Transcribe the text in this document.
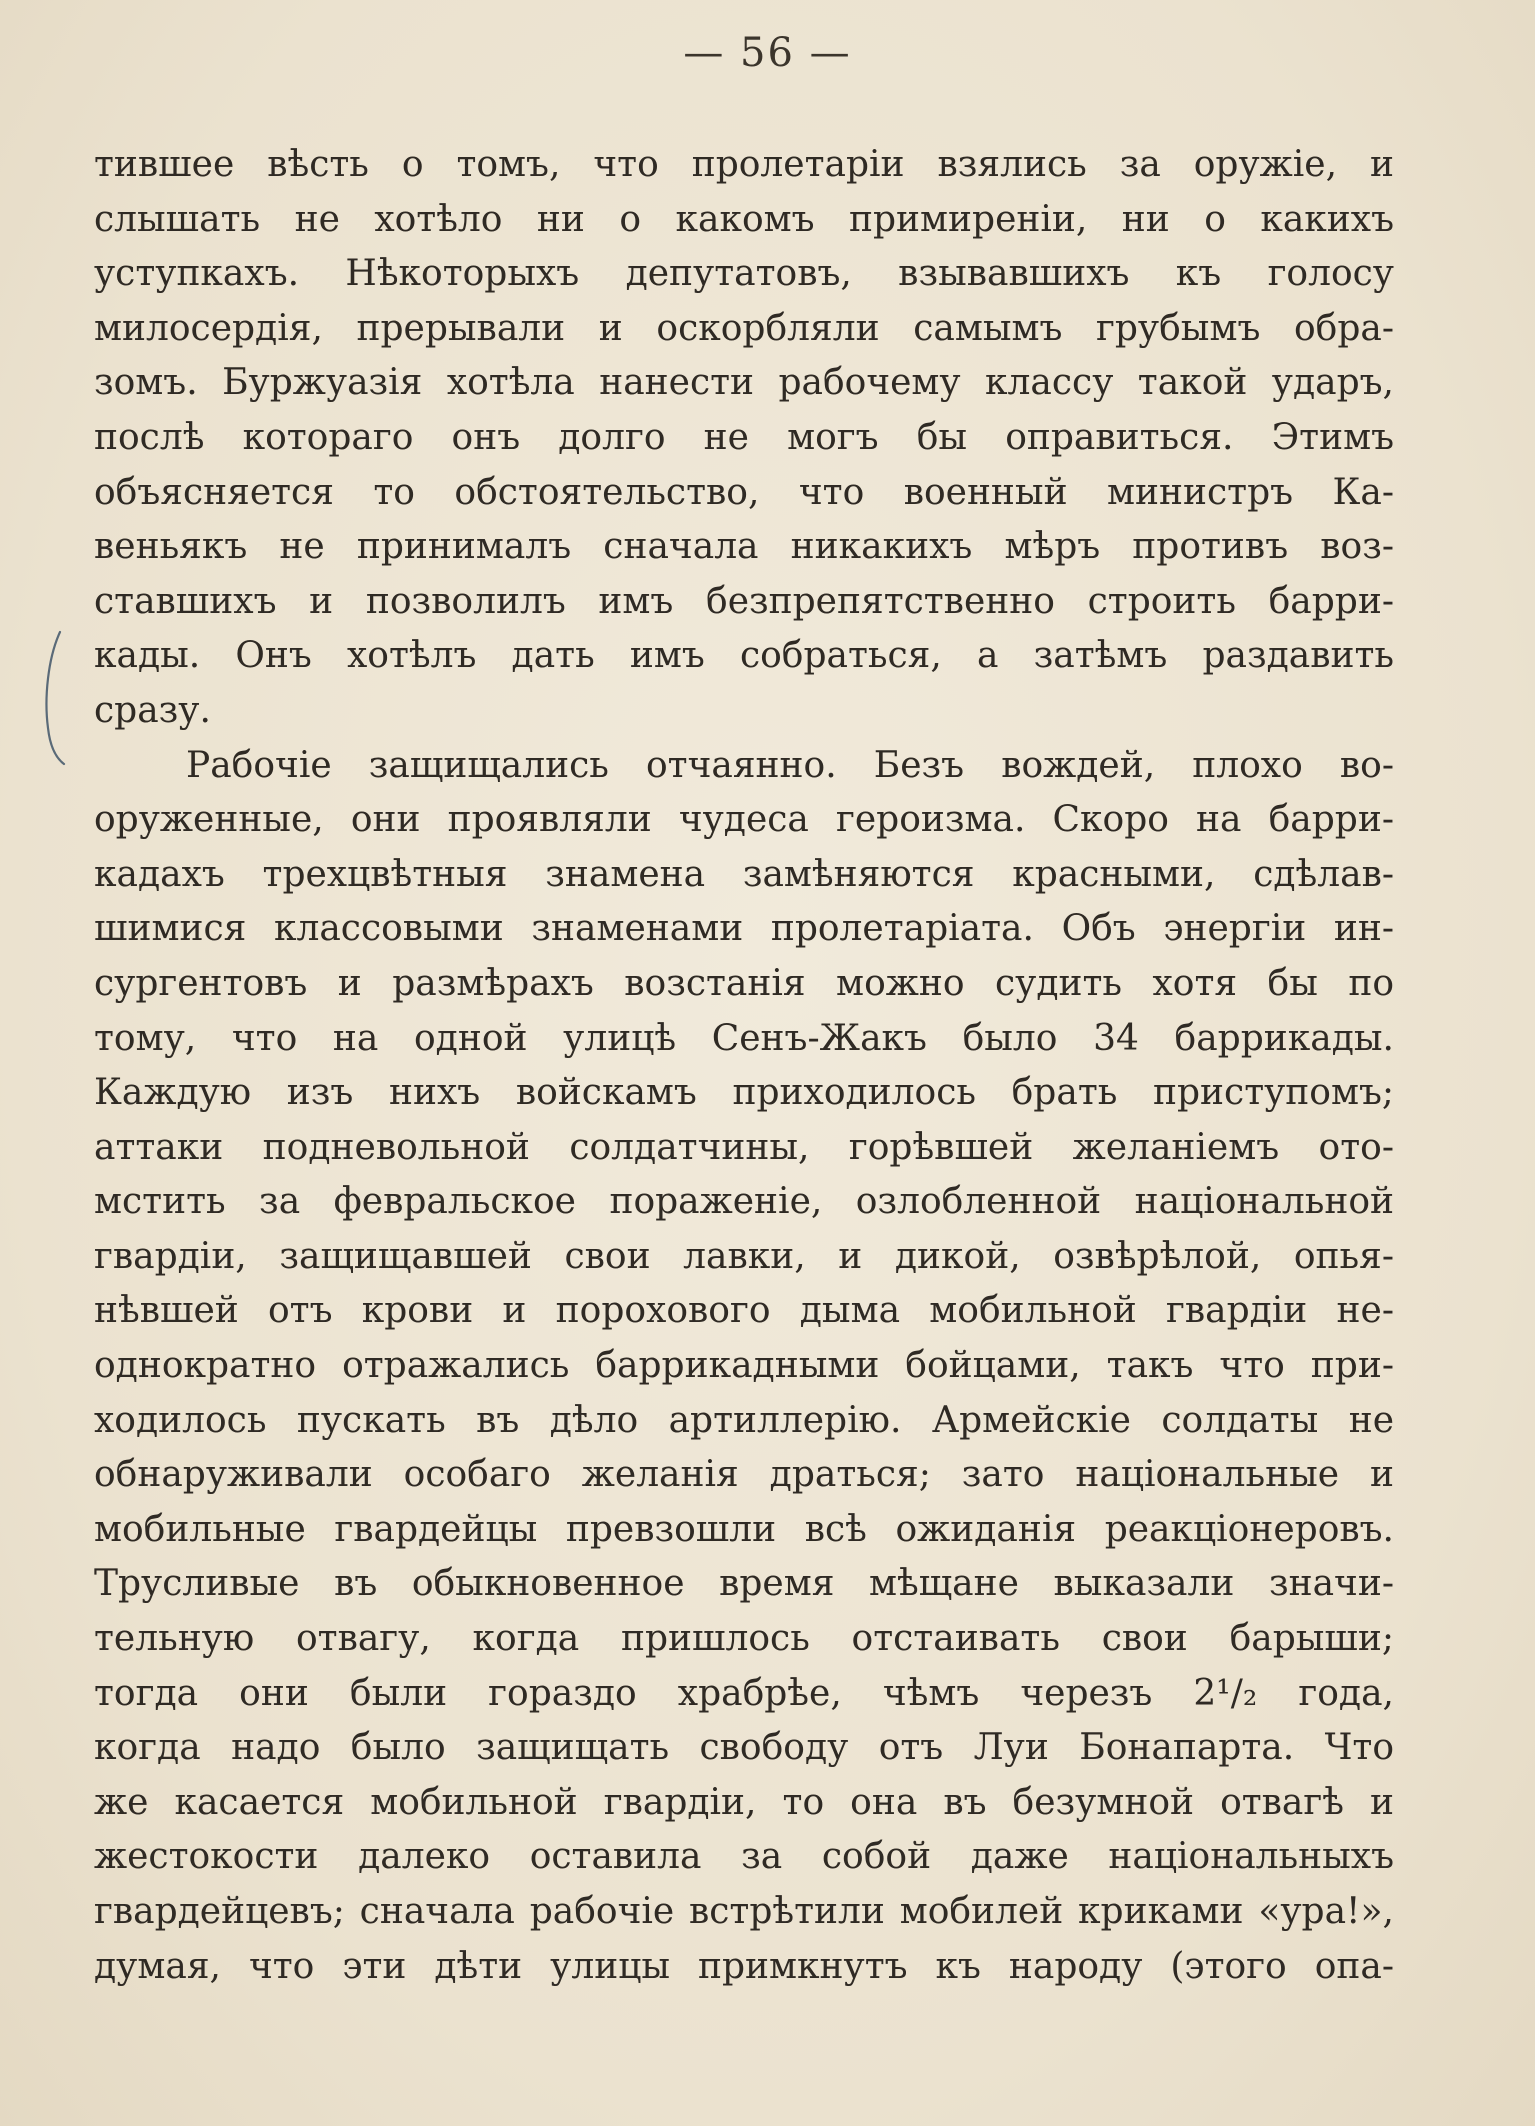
— 56 —
тившее вѣсть о томъ, что пролетаріи взялись за оружіе, и
слышать не хотѣло ни о какомъ примиреніи, ни о какихъ
уступкахъ. Нѣкоторыхъ депутатовъ, взывавшихъ къ голосу
милосердія, прерывали и оскорбляли самымъ грубымъ обра-
зомъ. Буржуазія хотѣла нанести рабочему классу такой ударъ,
послѣ котораго онъ долго не могъ бы оправиться. Этимъ
объясняется то обстоятельство, что военный министръ Ка-
веньякъ не принималъ сначала никакихъ мѣръ противъ воз-
ставшихъ и позволилъ имъ безпрепятственно строить барри-
кады. Онъ хотѣлъ дать имъ собраться, а затѣмъ раздавить
сразу.
Рабочіе защищались отчаянно. Безъ вождей, плохо во-
оруженные, они проявляли чудеса героизма. Скоро на барри-
кадахъ трехцвѣтныя знамена замѣняются красными, сдѣлав-
шимися классовыми знаменами пролетаріата. Объ энергіи ин-
сургентовъ и размѣрахъ возстанія можно судить хотя бы по
тому, что на одной улицѣ Сенъ-Жакъ было 34 баррикады.
Каждую изъ нихъ войскамъ приходилось брать приступомъ;
аттаки подневольной солдатчины, горѣвшей желаніемъ ото-
мстить за февральское пораженіе, озлобленной національной
гвардіи, защищавшей свои лавки, и дикой, озвѣрѣлой, опья-
нѣвшей отъ крови и порохового дыма мобильной гвардіи не-
однократно отражались баррикадными бойцами, такъ что при-
ходилось пускать въ дѣло артиллерію. Армейскіе солдаты не
обнаруживали особаго желанія драться; зато національные и
мобильные гвардейцы превзошли всѣ ожиданія реакціонеровъ.
Трусливые въ обыкновенное время мѣщане выказали значи-
тельную отвагу, когда пришлось отстаивать свои барыши;
тогда они были гораздо храбрѣе, чѣмъ черезъ 2¹/₂ года,
когда надо было защищать свободу отъ Луи Бонапарта. Что
же касается мобильной гвардіи, то она въ безумной отвагѣ и
жестокости далеко оставила за собой даже національныхъ
гвардейцевъ; сначала рабочіе встрѣтили мобилей криками «ура!»,
думая, что эти дѣти улицы примкнутъ къ народу (этого опа-
